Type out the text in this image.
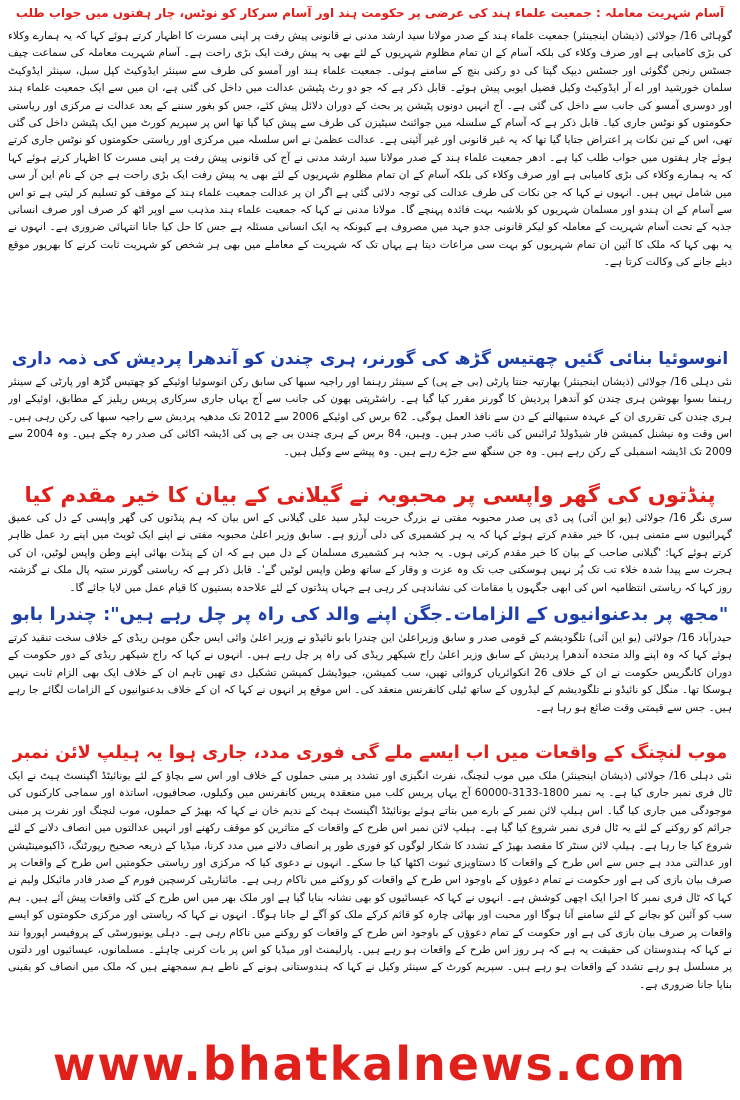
آسام شہریت معاملہ : جمعیت علماء ہند کی عرضی پر حکومت ہند اور آسام سرکار کو نوٹس، چار ہفتوں میں جواب طلب

گوہاٹی 16/ جولائی (ذیشان اینجینئر) جمعیت علماء ہند کے صدر مولانا سید ارشد مدنی نے قانونی پیش رفت پر اپنی مسرت کا اظہار کرتے ہوئے کہا کہ یہ ہمارے وکلاء کی بڑی کامیابی ہے اور صرف وکلاء کی بلکہ آسام کے ان تمام مظلوم شہریوں کے لئے بھی یہ پیش رفت ایک بڑی راحت ہے۔ آسام شہریت معاملہ کی سماعت چیف جسٹس رنجن گگوئی اور جسٹس دیپک گپتا کی دو رکنی بنچ کے سامنے ہوئی۔ جمعیت علماء ہند اور آمسو کی طرف سے سینئر ایڈوکیٹ کپل سبل، سینئر ایڈوکیٹ سلمان خورشید اور اے آر ایڈوکیٹ وکیل فضیل ایوبی پیش ہوئے۔ قابل ذکر ہے کہ جو دو رٹ پٹیشن عدالت میں داخل کی گئی ہے، ان میں سے ایک جمعیت علماء ہند اور دوسری آمسو کی جانب سے داخل کی گئی ہے۔ آج انہیں دونوں پٹیشن پر بحث کے دوران دلائل پیش کئے، جس کو بغور سننے کے بعد عدالت نے مرکزی اور ریاستی حکومتوں کو نوٹس جاری کیا۔ قابل ذکر ہے کہ آسام کے سلسلہ میں جوائنٹ سیٹیزن کی طرف سے پیش کیا گیا تھا اس پر سپریم کورٹ میں ایک پٹیشن داخل کی گئی تھی، اس کے تین نکات پر اعتراض جتایا گیا تھا کہ یہ غیر قانونی اور غیر آئینی ہے۔ عدالت عظمیٰ نے اس سلسلہ میں مرکزی اور ریاستی حکومتوں کو نوٹس جاری کرتے ہوئے چار ہفتوں میں جواب طلب کیا ہے۔ ادھر جمعیت علماء ہند کے صدر مولانا سید ارشد مدنی نے آج کی قانونی پیش رفت پر اپنی مسرت کا اظہار کرتے ہوئے کہا کہ یہ ہمارے وکلاء کی بڑی کامیابی ہے اور صرف وکلاء کی بلکہ آسام کے ان تمام مظلوم شہریوں کے لئے بھی یہ پیش رفت ایک بڑی راحت ہے جن کے نام این آر سی میں شامل نہیں ہیں۔ انہوں نے کہا کہ جن نکات کی طرف عدالت کی توجہ دلائی گئی ہے اگر ان پر عدالت جمعیت علماء ہند کے موقف کو تسلیم کر لیتی ہے تو اس سے آسام کے ان ہندو اور مسلمان شہریوں کو بلاشبہ بہت فائدہ پہنچے گا۔ مولانا مدنی نے کہا کہ جمعیت علماء ہند مذہب سے اوپر اٹھ کر صرف اور صرف انسانی جذبہ کے تحت آسام شہریت کے معاملہ کو لیکر قانونی جدو جہد میں مصروف ہے کیونکہ یہ ایک انسانی مسئلہ ہے جس کا حل کیا جانا انتہائی ضروری ہے۔ انہوں نے یہ بھی کہا کہ ملک کا آئین ان تمام شہریوں کو بہت سی مراعات دیتا ہے یہاں تک کہ شہریت کے معاملے میں بھی ہر شخص کو شہریت ثابت کرنے کا بھرپور موقع دیئے جانے کی وکالت کرتا ہے۔

انوسوئیا بنائی گئیں چھتیس گڑھ کی گورنر، ہری چندن کو آندھرا پردیش کی ذمہ داری

نئی دہلی 16/ جولائی (ذیشان اینجینئر) بھارتیہ جنتا پارٹی (بی جے پی) کے سینئر رہنما اور راجیہ سبھا کی سابق رکن انوسوئیا اوئیکے کو چھتیس گڑھ اور پارٹی کے سینئر رہنما بسوا بھوشن ہری چندن کو آندھرا پردیش کا گورنر مقرر کیا گیا ہے۔ راشٹرپتی بھون کی جانب سے آج یہاں جاری سرکاری پریس ریلیز کے مطابق، اوئیکے اور ہری چندن کی تقرری ان کے عہدہ سنبھالنے کے دن سے نافذ العمل ہوگی۔ 62 برس کی اوئیکے 2006 سے 2012 تک مدھیہ پردیش سے راجیہ سبھا کی رکن رہی ہیں۔ اس وقت وہ نیشنل کمیشن فار شیڈولڈ ٹرائبس کی نائب صدر ہیں۔ وہیں، 84 برس کے ہری چندن بی جے پی کی اڈیشہ اکائی کی صدر رہ چکے ہیں۔ وہ 2004 سے 2009 تک اڈیشہ اسمبلی کے رکن رہے ہیں۔ وہ جن سنگھ سے جڑے رہے ہیں۔ وہ پیشے سے وکیل ہیں۔

پنڈتوں کی گھر واپسی پر محبوبہ نے گیلانی کے بیان کا خیر مقدم کیا

سری نگر 16/ جولائی (یو این آئی) پی ڈی پی صدر محبوبہ مفتی نے بزرگ حریت لیڈر سید علی گیلانی کے اس بیان کہ ہم پنڈتوں کی گھر واپسی کے دل کی عمیق گہرائیوں سے متمنی ہیں، کا خیر مقدم کرتے ہوئے کہا کہ یہ ہر کشمیری کی دلی آرزو ہے۔ سابق وزیر اعلیٰ محبوبہ مفتی نے اپنے ایک ٹویٹ میں اپنے رد عمل ظاہر کرتے ہوئے کہا: 'گیلانی صاحب کے بیان کا خیر مقدم کرتی ہوں۔ یہ جذبہ ہر کشمیری مسلمان کے دل میں ہے کہ ان کے پنڈت بھائی اپنے وطن واپس لوٹیں، ان کی ہجرت سے پیدا شدہ خلاء تب تک پُر نہیں ہوسکتی جب تک وہ عزت و وقار کے ساتھ وطن واپس لوٹیں گے'۔ قابل ذکر ہے کہ ریاستی گورنر ستیہ پال ملک نے گزشتہ روز کہا کہ ریاستی انتظامیہ اس کی ابھی جگہوں یا مقامات کی نشاندہی کر رہی ہے جہاں پنڈتوں کے لئے علاحدہ بستیوں کا قیام عمل میں لایا جائے گا۔

"مجھ پر بدعنوانیوں کے الزامات۔جگن اپنے والد کی راہ پر چل رہے ہیں": چندرا بابو

حیدرآباد 16/ جولائی (یو این آئی) تلگودیشم کے قومی صدر و سابق وزیراعلیٰ این چندرا بابو نائیڈو نے وزیر اعلیٰ وائی ایس جگن موہن ریڈی کے خلاف سخت تنقید کرتے ہوئے کہا کہ وہ اپنے والد متحدہ آندھرا پردیش کے سابق وزیر اعلیٰ راج شیکھر ریڈی کی راہ پر چل رہے ہیں۔ انہوں نے کہا کہ راج شیکھر ریڈی کے دور حکومت کے دوران کانگریس حکومت نے ان کے خلاف 26 انکوائریاں کروائی تھیں، سب کمیشن، جیوڈیشل کمیشن تشکیل دی تھیں تاہم ان کے خلاف ایک بھی الزام ثابت نہیں ہوسکا تھا۔ منگل کو نائیڈو نے تلگودیشم کے لیڈروں کے ساتھ ٹیلی کانفرنس منعقد کی۔ اس موقع پر انہوں نے کہا کہ ان کے خلاف بدعنوانیوں کے الزامات لگائے جا رہے ہیں۔ جس سے قیمتی وقت ضائع ہو رہا ہے۔

موب لنچنگ کے واقعات میں اب ایسے ملے گی فوری مدد، جاری ہوا یہ ہیلپ لائن نمبر

نئی دہلی 16/ جولائی (ذیشان اینجینئر) ملک میں موب لنچنگ، نفرت انگیزی اور تشدد پر مبنی حملوں کے خلاف اور اس سے بچاؤ کے لئے یونائیٹڈ اگینسٹ ہیٹ نے ایک ٹال فری نمبر جاری کیا ہے۔ یہ نمبر 1800-3133-60000 آج یہاں پریس کلب میں منعقدہ پریس کانفرنس میں وکیلوں، صحافیوں، اساتذہ اور سماجی کارکنوں کی موجودگی میں جاری کیا گیا۔ اس ہیلپ لائن نمبر کے بارے میں بتاتے ہوئے یونائیٹڈ اگینسٹ ہیٹ کے ندیم خان نے کہا کہ بھیڑ کے حملوں، موب لنچنگ اور نفرت پر مبنی جرائم کو روکنے کے لئے یہ ٹال فری نمبر شروع کیا گیا ہے۔ ہیلپ لائن نمبر اس طرح کے واقعات کے متاثرین کو موقف رکھنے اور انہیں عدالتوں میں انصاف دلانے کے لئے شروع کیا جا رہا ہے۔ ہیلپ لائن سنٹر کا مقصد بھیڑ کے تشدد کا شکار لوگوں کو فوری طور پر انصاف دلانے میں مدد کرنا، میڈیا کے ذریعہ صحیح رپورٹنگ، ڈاکیومینٹیشن اور عدالتی مدد ہے جس سے اس طرح کے واقعات کا دستاویزی ثبوت اکٹھا کیا جا سکے۔ انہوں نے دعوی کیا کہ مرکزی اور ریاستی حکومتیں اس طرح کے واقعات پر صرف بیان بازی کی ہے اور حکومت نے تمام دعوؤں کے باوجود اس طرح کے واقعات کو روکنے میں ناکام رہی ہے۔ مائناریٹی کرسچین فورم کے صدر فادر مائیکل ولیم نے کہا کہ ٹال فری نمبر کا اجرا ایک اچھی کوشش ہے۔ انہوں نے کہا کہ عیسائیوں کو بھی نشانہ بنایا گیا ہے اور ملک بھر میں اس طرح کے کئی واقعات پیش آئے ہیں۔ ہم سب کو آئین کو بچانے کے لئے سامنے آنا ہوگا اور محبت اور بھائی چارہ کو قائم کرکے ملک کو آگے لے جانا ہوگا۔ انہوں نے کہا کہ ریاستی اور مرکزی حکومتوں کو ایسے واقعات پر صرف بیان بازی کی ہے اور حکومت کے تمام دعوؤں کے باوجود اس طرح کے واقعات کو روکنے میں ناکام رہی ہے۔ دہلی یونیورسٹی کے پروفیسر اپوروا نند نے کہا کہ ہندوستان کی حقیقت یہ ہے کہ ہر روز اس طرح کے واقعات ہو رہے ہیں۔ پارلیمنٹ اور میڈیا کو اس پر بات کرنی چاہئے۔ مسلمانوں، عیسائیوں اور دلتوں پر مسلسل ہو رہے تشدد کے واقعات ہو رہے ہیں۔ سپریم کورٹ کے سینئر وکیل نے کہا کہ ہندوستانی ہونے کے ناطے ہم سمجھتے ہیں کہ ملک میں انصاف کو یقینی بنایا جانا ضروری ہے۔

www.bhatkalnews.com
